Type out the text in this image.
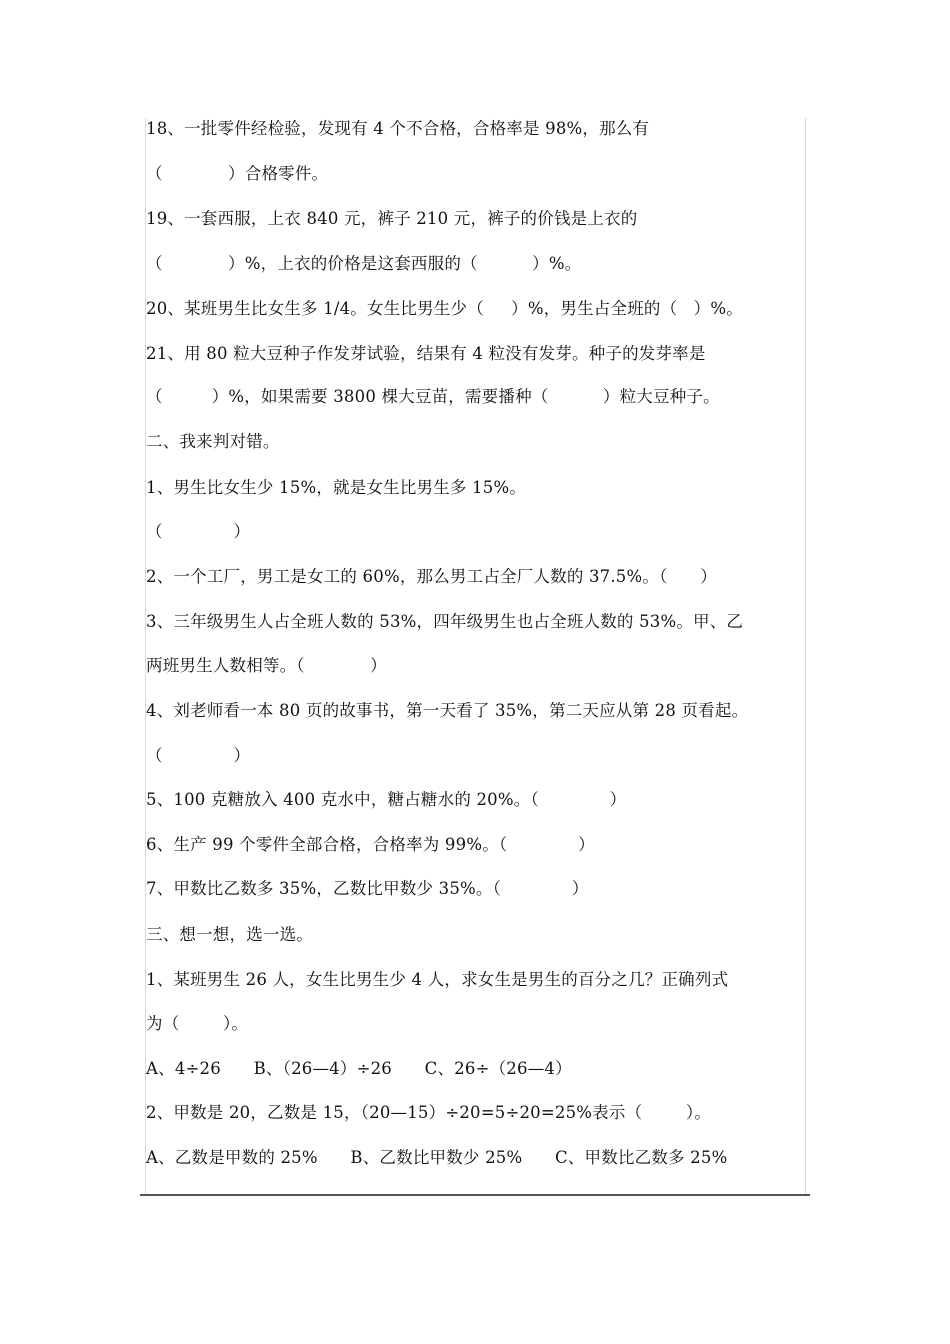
18、一批零件经检验，发现有 4 个不合格，合格率是 98%，那么有
（            ）合格零件。
19、一套西服，上衣 840 元，裤子 210 元，裤子的价钱是上衣的
（            ）%，上衣的价格是这套西服的（          ）%。
20、某班男生比女生多 1/4。女生比男生少（     ）%，男生占全班的（   ）%。
21、用 80 粒大豆种子作发芽试验，结果有 4 粒没有发芽。种子的发芽率是
（         ）%，如果需要 3800 棵大豆苗，需要播种（          ）粒大豆种子。
二、我来判对错。
1、男生比女生少 15%，就是女生比男生多 15%。
（             ）
2、一个工厂，男工是女工的 60%，那么男工占全厂人数的 37.5%。（      ）
3、三年级男生人占全班人数的 53%，四年级男生也占全班人数的 53%。甲、乙
两班男生人数相等。（            ）
4、刘老师看一本 80 页的故事书，第一天看了 35%，第二天应从第 28 页看起。
（             ）
5、100 克糖放入 400 克水中，糖占糖水的 20%。（             ）
6、生产 99 个零件全部合格，合格率为 99%。（             ）
7、甲数比乙数多 35%，乙数比甲数少 35%。（             ）
三、想一想，选一选。
1、某班男生 26 人，女生比男生少 4 人，求女生是男生的百分之几？正确列式
为（        ）。
A、4÷26      B、（26—4）÷26      C、26÷（26—4）
2、甲数是 20，乙数是 15，（20—15）÷20=5÷20=25%表示（        ）。
A、乙数是甲数的 25%      B、乙数比甲数少 25%      C、甲数比乙数多 25%
